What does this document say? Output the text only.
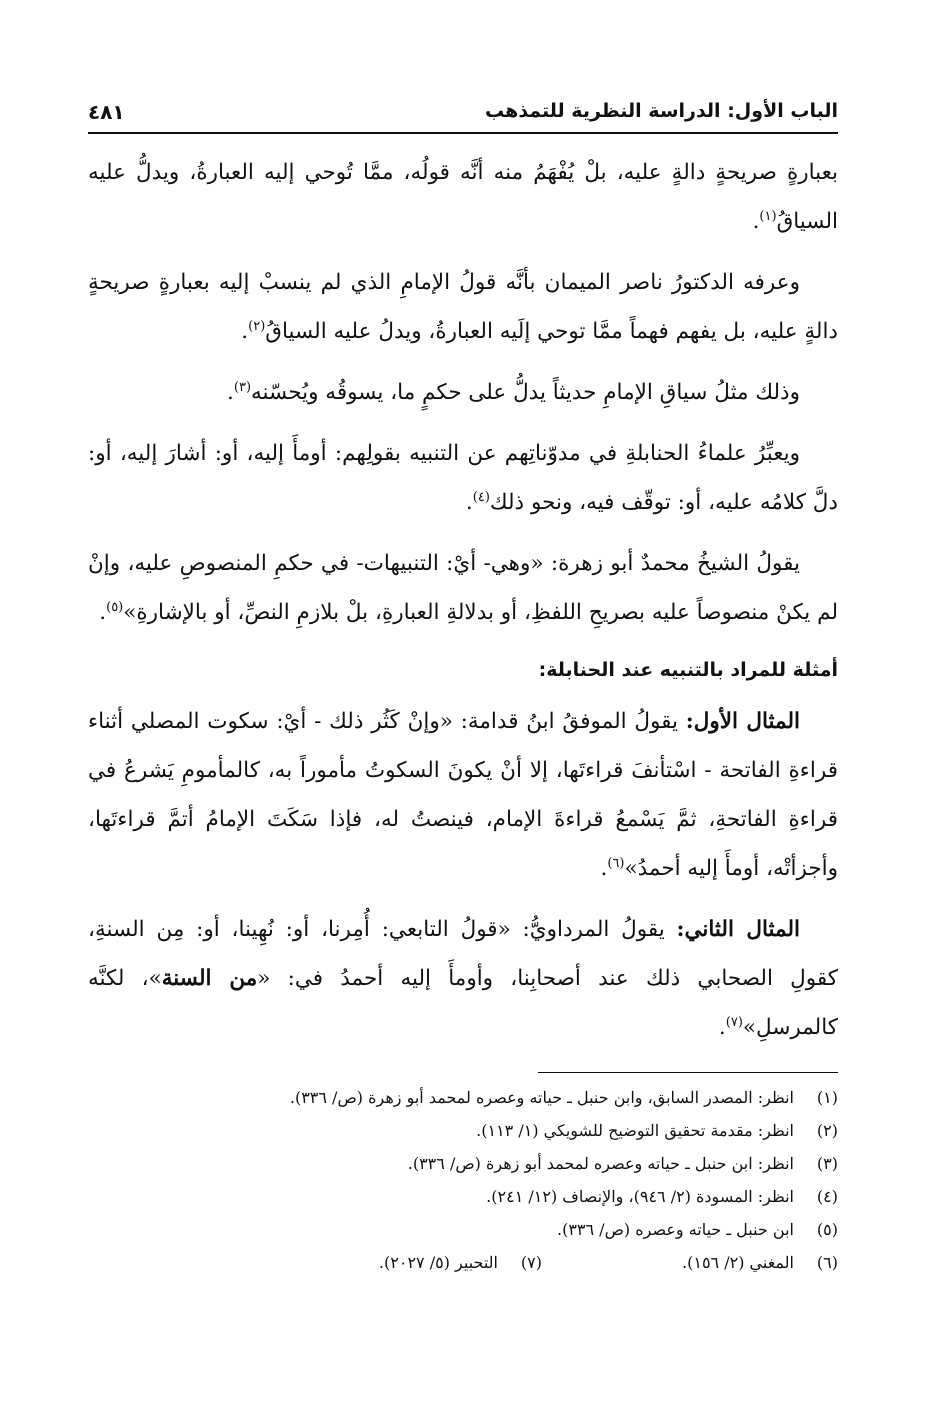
الباب الأول: الدراسة النظرية للتمذهب
٤٨١

بعبارةٍ صريحةٍ دالةٍ عليه، بلْ يُفْهَمُ منه أنَّه قولُه، ممَّا تُوحي إليه العبارةُ، ويدلُّ عليه السياقُ$^{(١)}$.

وعرفه الدكتورُ ناصر الميمان بأنَّه قولُ الإمامِ الذي لم ينسبْ إليه بعبارةٍ صريحةٍ دالةٍ عليه، بل يفهم فهماً ممَّا توحي إلَيه العبارةُ، ويدلُ عليه السياقُ$^{(٢)}$.

وذلك مثلُ سياقِ الإمامِ حديثاً يدلُّ على حكمٍ ما، يسوقُه ويُحسّنه$^{(٣)}$.

ويعبِّرُ علماءُ الحنابلةِ في مدوّناتِهم عن التنبيه بقولِهم: أومأَ إليه، أو: أشارَ إليه، أو: دلَّ كلامُه عليه، أو: توقّف فيه، ونحو ذلك$^{(٤)}$.

يقولُ الشيخُ محمدٌ أبو زهرة: «وهي- أيْ: التنبيهات- في حكمِ المنصوصِ عليه، وإنْ لم يكنْ منصوصاً عليه بصريحِ اللفظِ، أو بدلالةِ العبارةِ، بلْ بلازمِ النصِّ، أو بالإشارةِ»$^{(٥)}$.

أمثلة للمراد بالتنبيه عند الحنابلة:

المثال الأول: يقولُ الموفقُ ابنُ قدامة: «وإنْ كَثُر ذلك - أيْ: سكوت المصلي أثناء قراءةِ الفاتحة - اسْتأنفَ قراءتَها، إلا أنْ يكونَ السكوتُ مأموراً به، كالمأمومِ يَشرعُ في قراءةِ الفاتحةِ، ثمَّ يَسْمعُ قراءةَ الإمام، فينصتُ له، فإذا سَكَتَ الإمامُ أتمَّ قراءتَها، وأجزأتْه، أومأَ إليه أحمدُ»$^{(٦)}$.

المثال الثاني: يقولُ المرداويُّ: «قولُ التابعي: أُمِرنا، أو: نُهِينا، أو: مِن السنةِ، كقولِ الصحابي ذلك عند أصحابِنا، وأومأَ إليه أحمدُ في: «من السنة»، لكنَّه كالمرسلِ»$^{(٧)}$.

(١)
انظر: المصدر السابق، وابن حنبل ـ حياته وعصره لمحمد أبو زهرة (ص/ ٣٣٦).
(٢)
انظر: مقدمة تحقيق التوضيح للشويكي (١/ ١١٣).
(٣)
انظر: ابن حنبل ـ حياته وعصره لمحمد أبو زهرة (ص/ ٣٣٦).
(٤)
انظر: المسودة (٢/ ٩٤٦)، والإنصاف (١٢/ ٢٤١).
(٥)
ابن حنبل ـ حياته وعصره (ص/ ٣٣٦).
(٦)
المغني (٢/ ١٥٦).
(٧)
التحبير (٥/ ٢٠٢٧).
